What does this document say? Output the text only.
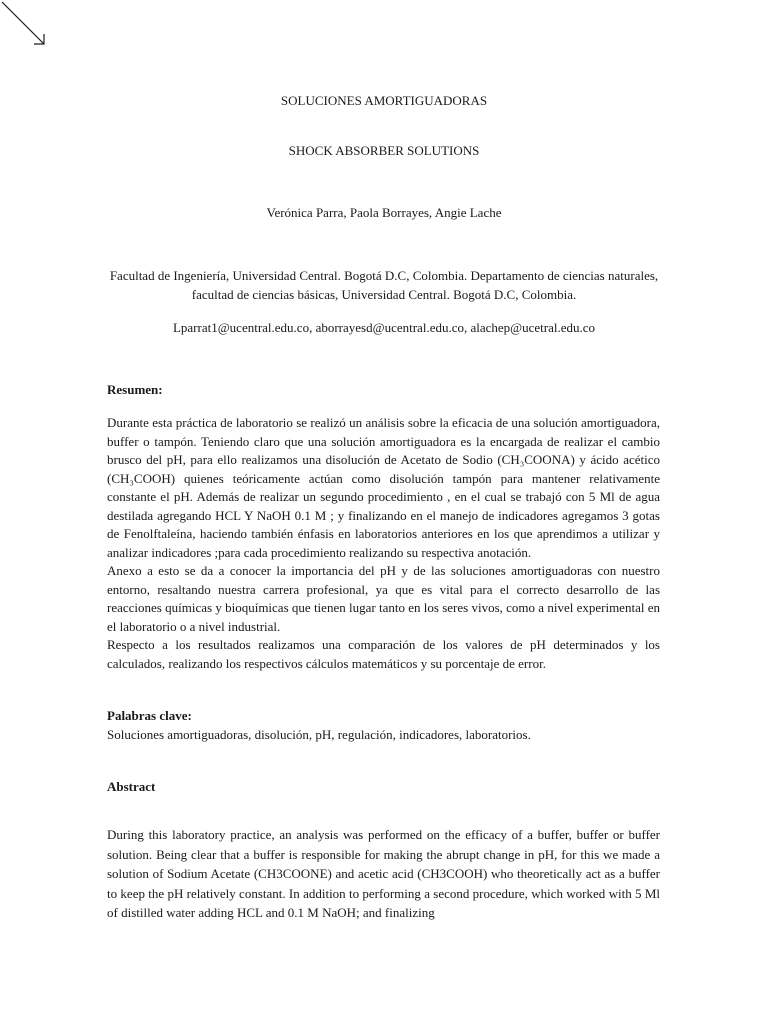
SOLUCIONES AMORTIGUADORAS
SHOCK ABSORBER SOLUTIONS
Verónica Parra, Paola Borrayes, Angie Lache
Facultad de Ingeniería, Universidad Central. Bogotá D.C, Colombia. Departamento de ciencias naturales, facultad de ciencias básicas, Universidad Central. Bogotá D.C, Colombia.
Lparrat1@ucentral.edu.co, aborrayesd@ucentral.edu.co, alachep@ucetral.edu.co
Resumen:
Durante esta práctica de laboratorio se realizó un análisis sobre la eficacia de una solución amortiguadora, buffer o tampón. Teniendo claro que una solución amortiguadora es la encargada de realizar el cambio brusco del pH, para ello realizamos una disolución de Acetato de Sodio (CH₃COONA) y ácido acético (CH₃COOH) quienes teóricamente actúan como disolución tampón para mantener relativamente constante el pH. Además de realizar un segundo procedimiento , en el cual se trabajó con 5 Ml de agua destilada agregando HCL Y NaOH 0.1 M ; y finalizando en el manejo de indicadores agregamos 3 gotas de Fenolftaleína, haciendo también énfasis en laboratorios anteriores en los que aprendimos a utilizar y analizar indicadores ;para cada procedimiento realizando su respectiva anotación.
Anexo a esto se da a conocer la importancia del pH y de las soluciones amortiguadoras con nuestro entorno, resaltando nuestra carrera profesional, ya que es vital para el correcto desarrollo de las reacciones químicas y bioquímicas que tienen lugar tanto en los seres vivos, como a nivel experimental en el laboratorio o a nivel industrial.
Respecto a los resultados realizamos una comparación de los valores de pH determinados y los calculados, realizando los respectivos cálculos matemáticos y su porcentaje de error.
Palabras clave:
Soluciones amortiguadoras, disolución, pH, regulación, indicadores, laboratorios.
Abstract
During this laboratory practice, an analysis was performed on the efficacy of a buffer, buffer or buffer solution. Being clear that a buffer is responsible for making the abrupt change in pH, for this we made a solution of Sodium Acetate (CH3COONE) and acetic acid (CH3COOH) who theoretically act as a buffer to keep the pH relatively constant. In addition to performing a second procedure, which worked with 5 Ml of distilled water adding HCL and 0.1 M NaOH; and finalizing
